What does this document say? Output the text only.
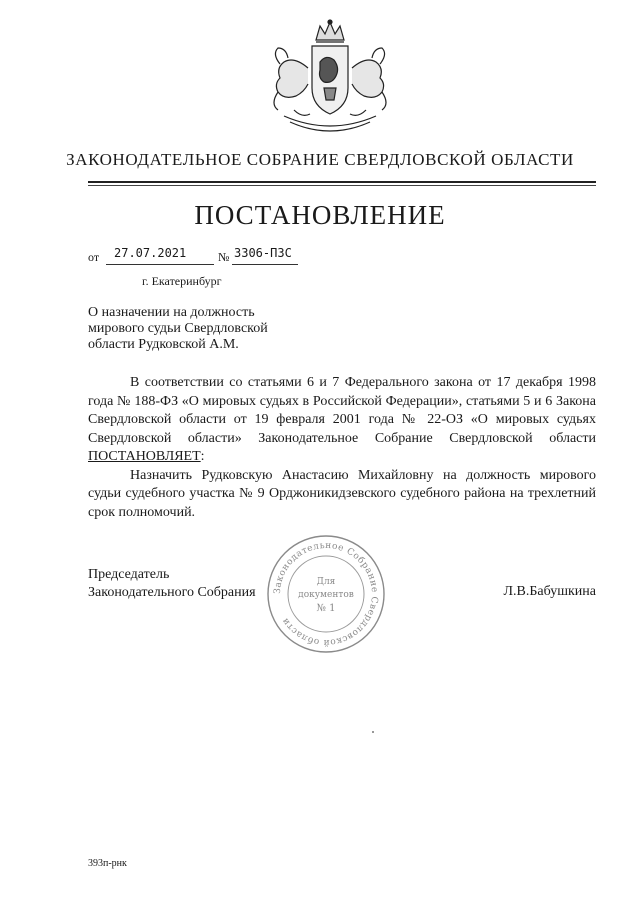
ЗАКОНОДАТЕЛЬНОЕ СОБРАНИЕ СВЕРДЛОВСКОЙ ОБЛАСТИ
ПОСТАНОВЛЕНИЕ
от 27.07.2021	№ 3306-ПЗС
г. Екатеринбург
О назначении на должность
мирового судьи Свердловской
области Рудковской А.М.

В соответствии со статьями 6 и 7 Федерального закона от 17 декабря 1998 года № 188-ФЗ «О мировых судьях в Российской Федерации», статьями 5 и 6 Закона Свердловской области от 19 февраля 2001 года № 22-ОЗ «О мировых судьях Свердловской области» Законодательное Собрание Свердловской области ПОСТАНОВЛЯЕТ:

Назначить Рудковскую Анастасию Михайловну на должность мирового судьи судебного участка № 9 Орджоникидзевского судебного района на трехлетний срок полномочий.

Председатель
Законодательного Собрания	Л.В.Бабушкина
Законодательное Собрание Свердловской области
Для
документов
№ 1
393п-рнк
